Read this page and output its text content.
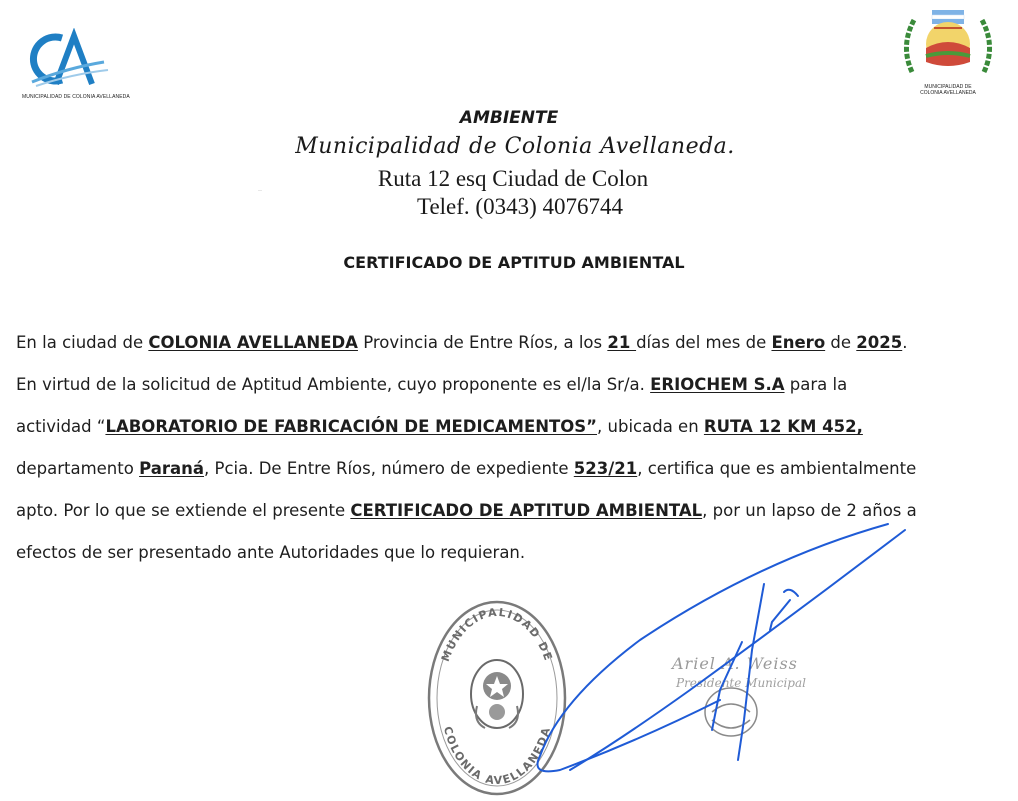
MUNICIPALIDAD DE COLONIA AVELLANEDA
MUNICIPALIDAD DE
COLONIA AVELLANEDA
AMBIENTE
Municipalidad de Colonia Avellaneda.
Ruta 12 esq Ciudad de Colon
Telef. (0343) 4076744
CERTIFICADO DE APTITUD AMBIENTAL
En la ciudad de COLONIA AVELLANEDA Provincia de Entre Ríos, a los 21 días del mes de Enero de 2025.
En virtud de la solicitud de Aptitud Ambiente, cuyo proponente es el/la Sr/a. ERIOCHEM S.A para la
actividad “LABORATORIO DE FABRICACIÓN DE MEDICAMENTOS”, ubicada en RUTA 12 KM 452,
departamento Paraná, Pcia. De Entre Ríos, número de expediente 523/21, certifica que es ambientalmente
apto. Por lo que se extiende el presente CERTIFICADO DE APTITUD AMBIENTAL, por un lapso de 2 años a
efectos de ser presentado ante Autoridades que lo requieran.
MUNICIPALIDAD DE
COLONIA AVELLANEDA
Ariel A. Weiss
Presidente Municipal
